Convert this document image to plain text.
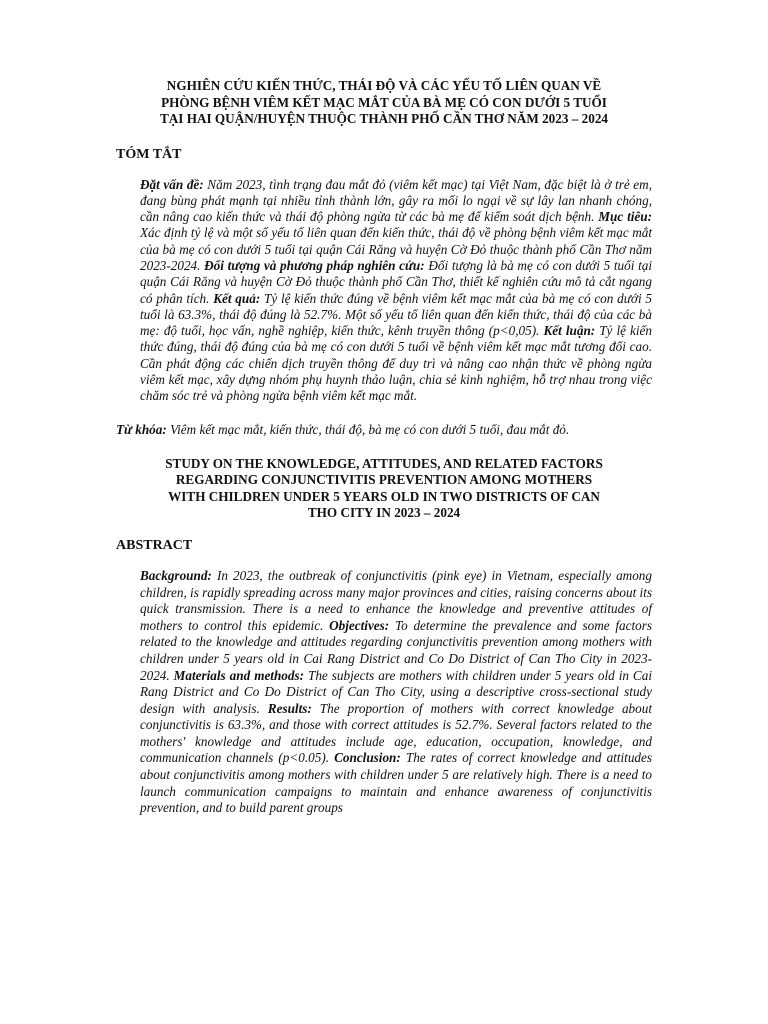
NGHIÊN CỨU KIẾN THỨC, THÁI ĐỘ VÀ CÁC YẾU TỐ LIÊN QUAN VỀ
PHÒNG BỆNH VIÊM KẾT MẠC MẮT CỦA BÀ MẸ CÓ CON DƯỚI 5 TUỔI
TẠI HAI QUẬN/HUYỆN THUỘC THÀNH PHỐ CẦN THƠ NĂM 2023 – 2024
TÓM TẮT
Đặt vấn đề: Năm 2023, tình trạng đau mắt đỏ (viêm kết mạc) tại Việt Nam, đặc biệt là ở trẻ em, đang bùng phát mạnh tại nhiều tỉnh thành lớn, gây ra mối lo ngại về sự lây lan nhanh chóng, cần nâng cao kiến thức và thái độ phòng ngừa từ các bà mẹ để kiểm soát dịch bệnh. Mục tiêu: Xác định tỷ lệ và một số yếu tố liên quan đến kiến thức, thái độ về phòng bệnh viêm kết mạc mắt của bà mẹ có con dưới 5 tuổi tại quận Cái Răng và huyện Cờ Đỏ thuộc thành phố Cần Thơ năm 2023-2024. Đối tượng và phương pháp nghiên cứu: Đối tượng là bà mẹ có con dưới 5 tuổi tại quận Cái Răng và huyện Cờ Đỏ thuộc thành phố Cần Thơ, thiết kế nghiên cứu mô tả cắt ngang có phân tích. Kết quả: Tỷ lệ kiến thức đúng về bệnh viêm kết mạc mắt của bà mẹ có con dưới 5 tuổi là 63.3%, thái độ đúng là 52.7%. Một số yếu tố liên quan đến kiến thức, thái độ của các bà mẹ: độ tuổi, học vấn, nghề nghiệp, kiến thức, kênh truyền thông (p<0,05). Kết luận: Tỷ lệ kiến thức đúng, thái độ đúng của bà mẹ có con dưới 5 tuổi về bệnh viêm kết mạc mắt tương đối cao. Cần phát động các chiến dịch truyền thông để duy trì và nâng cao nhận thức về phòng ngừa viêm kết mạc, xây dựng nhóm phụ huynh thảo luận, chia sẻ kinh nghiệm, hỗ trợ nhau trong việc chăm sóc trẻ và phòng ngừa bệnh viêm kết mạc mắt.
Từ khóa: Viêm kết mạc mắt, kiến thức, thái độ, bà mẹ có con dưới 5 tuổi, đau mắt đỏ.
STUDY ON THE KNOWLEDGE, ATTITUDES, AND RELATED FACTORS
REGARDING CONJUNCTIVITIS PREVENTION AMONG MOTHERS
WITH CHILDREN UNDER 5 YEARS OLD IN TWO DISTRICTS OF CAN
THO CITY IN 2023 – 2024
ABSTRACT
Background: In 2023, the outbreak of conjunctivitis (pink eye) in Vietnam, especially among children, is rapidly spreading across many major provinces and cities, raising concerns about its quick transmission. There is a need to enhance the knowledge and preventive attitudes of mothers to control this epidemic. Objectives: To determine the prevalence and some factors related to the knowledge and attitudes regarding conjunctivitis prevention among mothers with children under 5 years old in Cai Rang District and Co Do District of Can Tho City in 2023-2024. Materials and methods: The subjects are mothers with children under 5 years old in Cai Rang District and Co Do District of Can Tho City, using a descriptive cross-sectional study design with analysis. Results: The proportion of mothers with correct knowledge about conjunctivitis is 63.3%, and those with correct attitudes is 52.7%. Several factors related to the mothers' knowledge and attitudes include age, education, occupation, knowledge, and communication channels (p<0.05). Conclusion: The rates of correct knowledge and attitudes about conjunctivitis among mothers with children under 5 are relatively high. There is a need to launch communication campaigns to maintain and enhance awareness of conjunctivitis prevention, and to build parent groups
